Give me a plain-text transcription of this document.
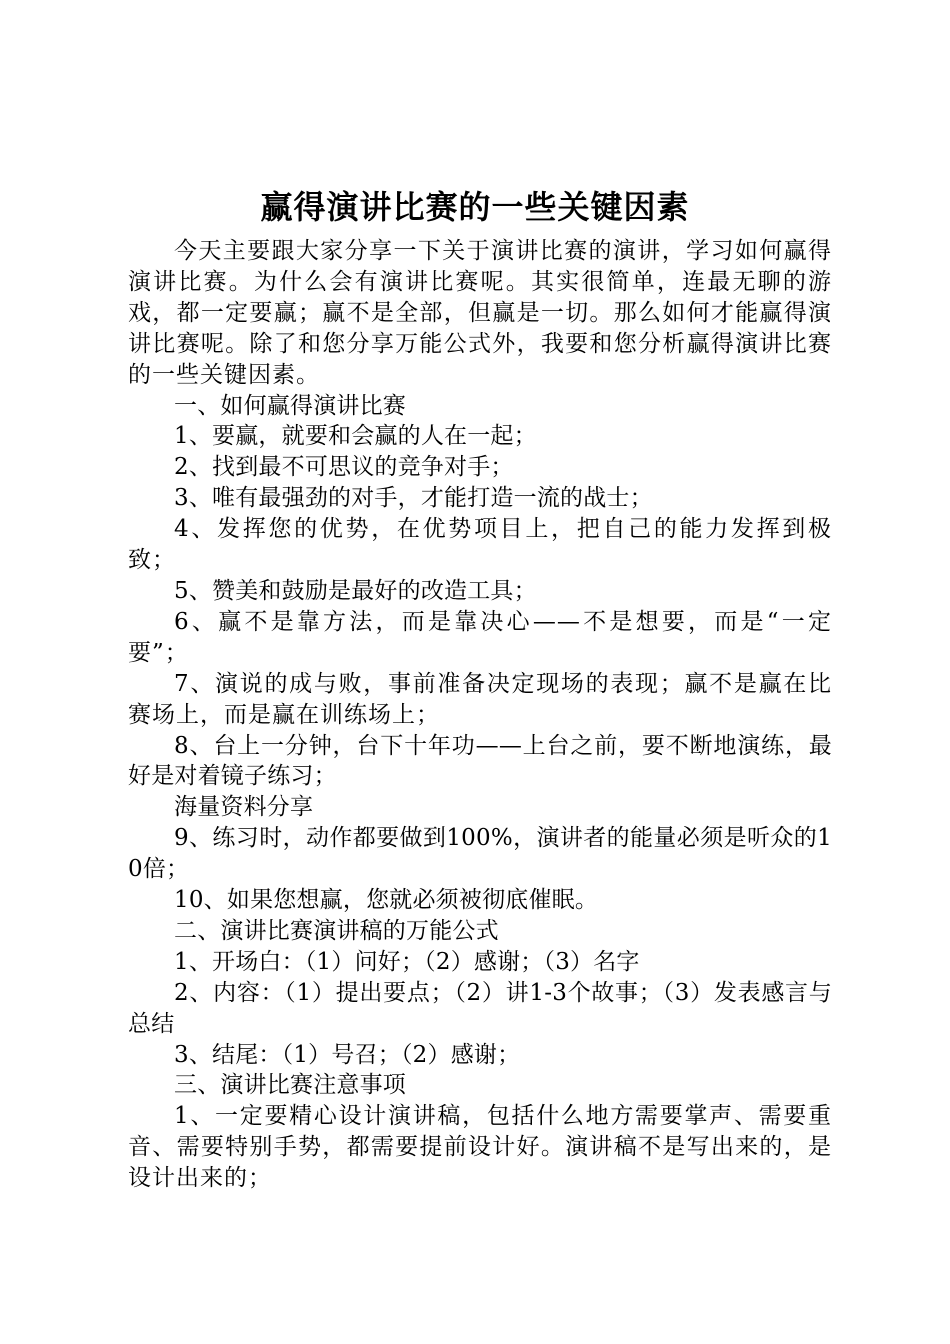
赢得演讲比赛的一些关键因素

今天主要跟大家分享一下关于演讲比赛的演讲，学习如何赢得演讲比赛。为什么会有演讲比赛呢。其实很简单，连最无聊的游戏，都一定要赢；赢不是全部，但赢是一切。那么如何才能赢得演讲比赛呢。除了和您分享万能公式外，我要和您分析赢得演讲比赛的一些关键因素。

一、如何赢得演讲比赛

1、要赢，就要和会赢的人在一起；

2、找到最不可思议的竞争对手；

3、唯有最强劲的对手，才能打造一流的战士；

4、发挥您的优势，在优势项目上，把自己的能力发挥到极致；

5、赞美和鼓励是最好的改造工具；

6、赢不是靠方法，而是靠决心——不是想要，而是“一定要”；

7、演说的成与败，事前准备决定现场的表现；赢不是赢在比赛场上，而是赢在训练场上；

8、台上一分钟，台下十年功——上台之前，要不断地演练，最好是对着镜子练习；

海量资料分享

9、练习时，动作都要做到100%，演讲者的能量必须是听众的10倍；

10、如果您想赢，您就必须被彻底催眠。

二、演讲比赛演讲稿的万能公式

1、开场白：（1）问好；（2）感谢；（3）名字

2、内容：（1）提出要点；（2）讲1-3个故事；（3）发表感言与总结

3、结尾：（1）号召；（2）感谢；

三、演讲比赛注意事项

1、一定要精心设计演讲稿，包括什么地方需要掌声、需要重音、需要特别手势，都需要提前设计好。演讲稿不是写出来的，是设计出来的；
